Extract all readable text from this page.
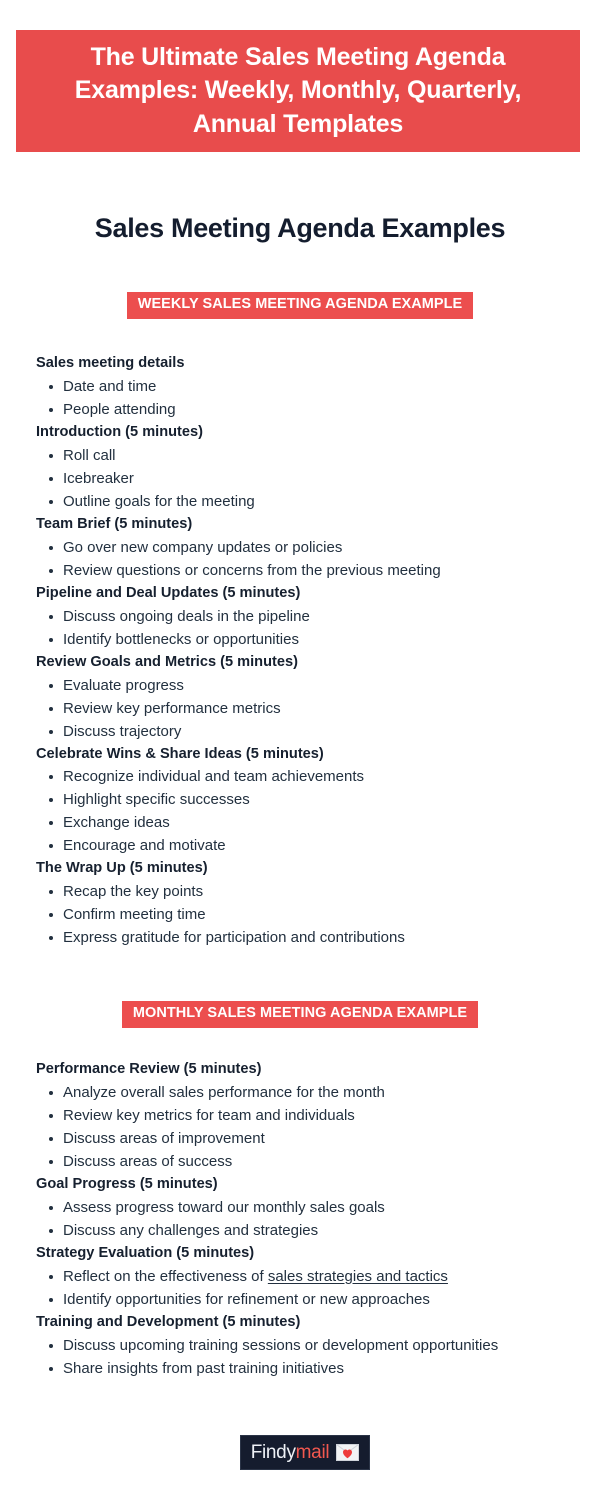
The Ultimate Sales Meeting Agenda Examples: Weekly, Monthly, Quarterly, Annual Templates
Sales Meeting Agenda Examples
WEEKLY SALES MEETING AGENDA EXAMPLE
Sales meeting details
Date and time
People attending
Introduction (5 minutes)
Roll call
Icebreaker
Outline goals for the meeting
Team Brief (5 minutes)
Go over new company updates or policies
Review questions or concerns from the previous meeting
Pipeline and Deal Updates (5 minutes)
Discuss ongoing deals in the pipeline
Identify bottlenecks or opportunities
Review Goals and Metrics (5 minutes)
Evaluate progress
Review key performance metrics
Discuss trajectory
Celebrate Wins & Share Ideas (5 minutes)
Recognize individual and team achievements
Highlight specific successes
Exchange ideas
Encourage and motivate
The Wrap Up (5 minutes)
Recap the key points
Confirm meeting time
Express gratitude for participation and contributions
MONTHLY SALES MEETING AGENDA EXAMPLE
Performance Review (5 minutes)
Analyze overall sales performance for the month
Review key metrics for team and individuals
Discuss areas of improvement
Discuss areas of success
Goal Progress (5 minutes)
Assess progress toward our monthly sales goals
Discuss any challenges and strategies
Strategy Evaluation (5 minutes)
Reflect on the effectiveness of sales strategies and tactics
Identify opportunities for refinement or new approaches
Training and Development (5 minutes)
Discuss upcoming training sessions or development opportunities
Share insights from past training initiatives
Findymail
